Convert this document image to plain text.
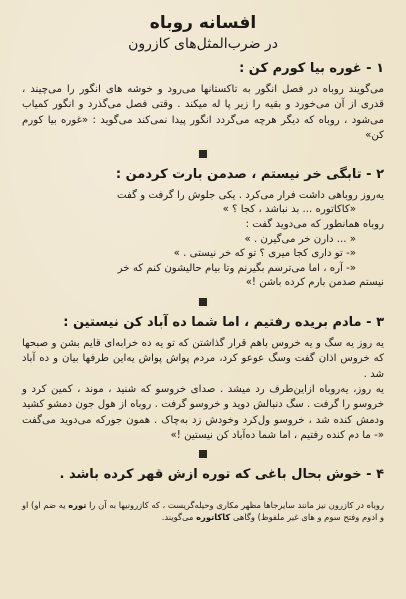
افسانه روباه
در ضرب‌المثل‌های کازرون
۱ - غوره بیا کورم کن :
می‌گویند روباه در فصل انگور به تاکستانها می‌رود و خوشه های انگور را می‌چیند ، قدری از آن می‌خورد و بقیه را زیر پا له میکند . وقتی فصل می‌گذرد و انگور کمیاب می‌شود ، روباه که دیگر هرچه می‌گردد انگور پیدا نمی‌کند می‌گوید : «غوره بیا کورم کن»
۲ - تابگی خر نیستم ، صدمن بارت کردمن :
یه‌روز روباهی داشت فرار می‌کرد . یکی جلوش را گرفت و گفت
«کاکاتوره ... بد نباشد ، کجا ؟ »
روباه همانطور که می‌دوید گفت :
« ... دارن خر می‌گیرن . »
«- تو داری کجا میری ؟ تو که خر نیستی . »
«- آره ، اما می‌ترسم بگیرنم وتا بیام حالیشون کنم که خر
نیستم صدمن بارم کرده باشن !»
۳ - مادم بریده رفتیم ، اما شما ده آباد کن نیستین :
یه روز یه سگ و یه خروس باهم قرار گذاشتن که تو یه ده خرابه‌ای قایم بشن و صبحها که خروس اذان گفت وسگ عوعو کرد، مردم پواش پواش یه‌این طرفها بیان و ده آباد شد .
یه روز، یه‌روباه ازاین‌طرف رد میشد . صدای خروسو که شنید ، موند ، کمین کرد و خروسو را گرفت . سگ دنبالش دوید و خروسو گرفت . روباه از هول جون دمشو کشید ودمش کنده شد ، خروسو ول‌کرد وخودش زد به‌چاک . همون جورکه می‌دوید می‌گفت «- ما دم کنده رفتیم ، اما شما ده‌آباد کن نیستین !»
۴ - خوش بحال باغی که توره ازش قهر کرده باشد .
روباه در کازرون نیز مانند سایرجاها مظهر مکاری وحیله‌گریست ، که کازرونیها به آن را توره یه ضم او) او و ادوم وفتح سوم و های غیر ملفوظ) وگاهی کاکاتوره می‌گویند.
